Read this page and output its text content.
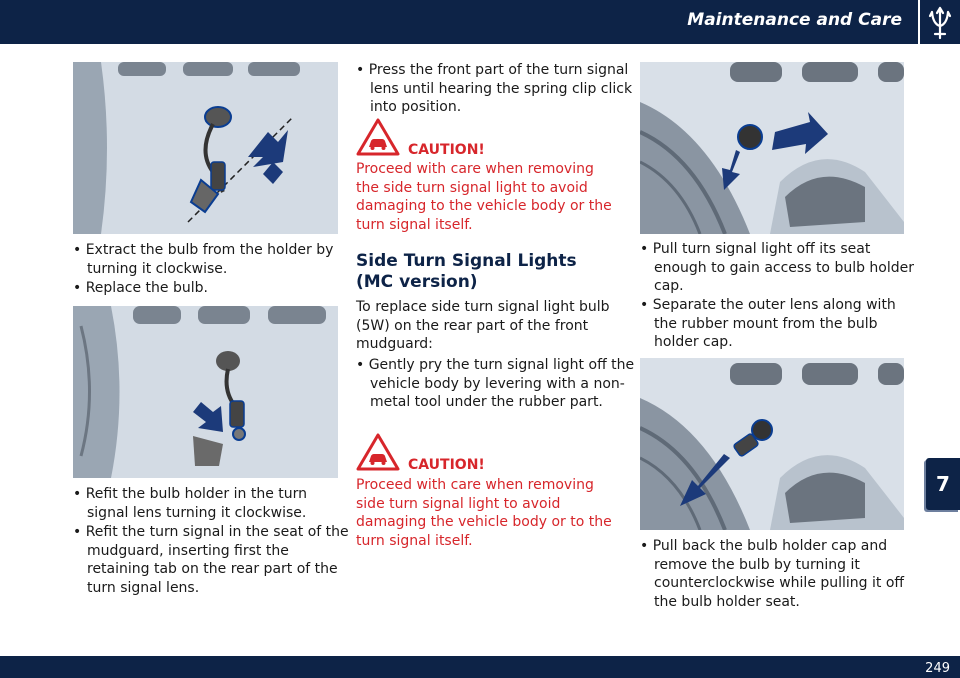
Maintenance and Care
• Extract the bulb from the holder by turning it clockwise.
• Replace the bulb.
• Refit the bulb holder in the turn signal lens turning it clockwise.
• Refit the turn signal in the seat of the mudguard, inserting first the retaining tab on the rear part of the turn signal lens.
• Press the front part of the turn signal lens until hearing the spring clip click into position.
CAUTION!
Proceed with care when removing the side turn signal light to avoid damaging to the vehicle body or the turn signal itself.
Side Turn Signal Lights (MC version)
To replace side turn signal light bulb (5W) on the rear part of the front mudguard:
• Gently pry the turn signal light off the vehicle body by levering with a non-metal tool under the rubber part.
CAUTION!
Proceed with care when removing side turn signal light to avoid damaging the vehicle body or to the turn signal itself.
• Pull turn signal light off its seat enough to gain access to bulb holder cap.
• Separate the outer lens along with the rubber mount from the bulb holder cap.
• Pull back the bulb holder cap and remove the bulb by turning it counterclockwise while pulling it off the bulb holder seat.
7
249
